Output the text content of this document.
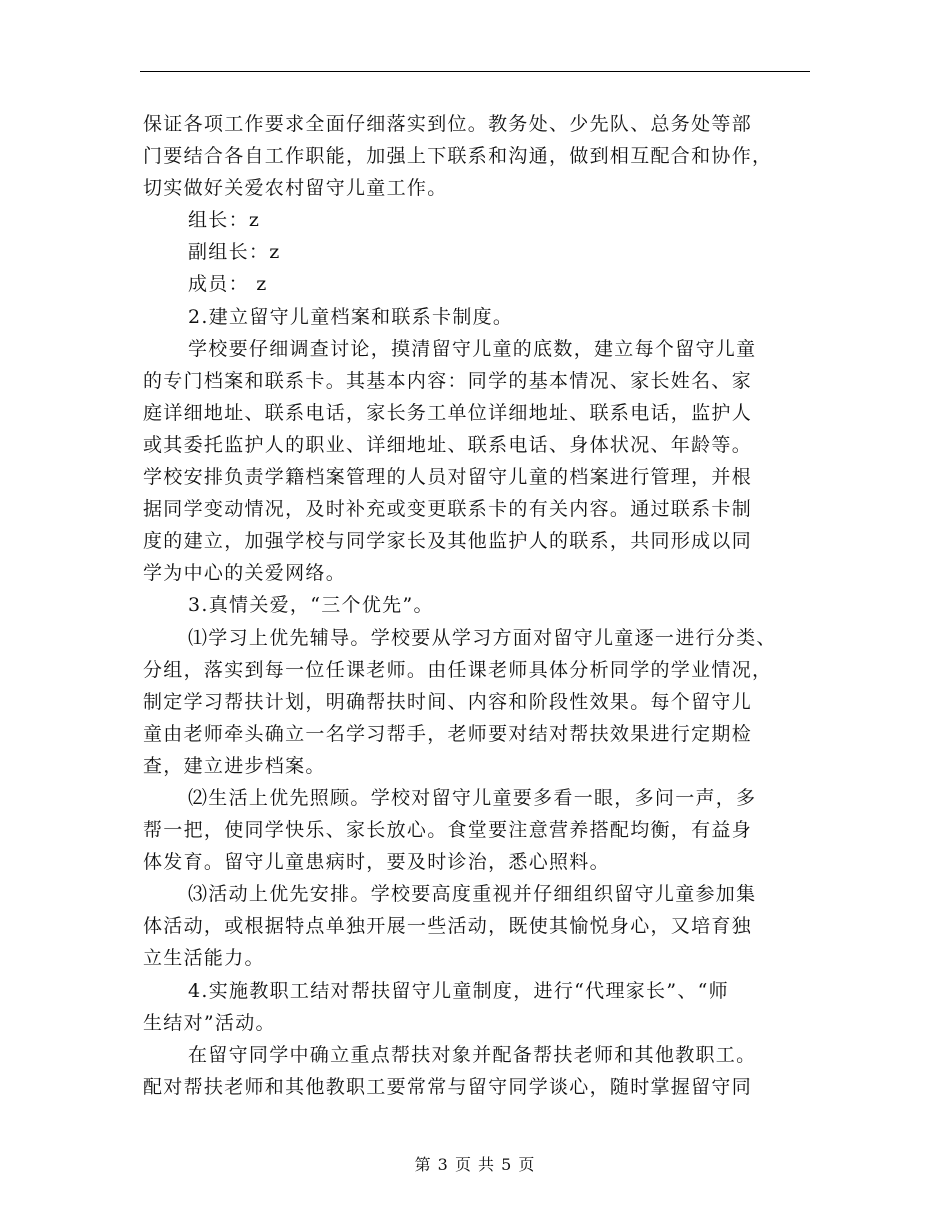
保证各项工作要求全面仔细落实到位。教务处、少先队、总务处等部
门要结合各自工作职能，加强上下联系和沟通，做到相互配合和协作，
切实做好关爱农村留守儿童工作。
组长：z
副组长：z
成员： z
2.建立留守儿童档案和联系卡制度。
学校要仔细调查讨论，摸清留守儿童的底数，建立每个留守儿童
的专门档案和联系卡。其基本内容：同学的基本情况、家长姓名、家
庭详细地址、联系电话，家长务工单位详细地址、联系电话，监护人
或其委托监护人的职业、详细地址、联系电话、身体状况、年龄等。
学校安排负责学籍档案管理的人员对留守儿童的档案进行管理，并根
据同学变动情况，及时补充或变更联系卡的有关内容。通过联系卡制
度的建立，加强学校与同学家长及其他监护人的联系，共同形成以同
学为中心的关爱网络。
3.真情关爱，“三个优先”。
⑴学习上优先辅导。学校要从学习方面对留守儿童逐一进行分类、
分组，落实到每一位任课老师。由任课老师具体分析同学的学业情况，
制定学习帮扶计划，明确帮扶时间、内容和阶段性效果。每个留守儿
童由老师牵头确立一名学习帮手，老师要对结对帮扶效果进行定期检
查，建立进步档案。
⑵生活上优先照顾。学校对留守儿童要多看一眼，多问一声，多
帮一把，使同学快乐、家长放心。食堂要注意营养搭配均衡，有益身
体发育。留守儿童患病时，要及时诊治，悉心照料。
⑶活动上优先安排。学校要高度重视并仔细组织留守儿童参加集
体活动，或根据特点单独开展一些活动，既使其愉悦身心，又培育独
立生活能力。
4.实施教职工结对帮扶留守儿童制度，进行“代理家长”、“师
生结对”活动。
在留守同学中确立重点帮扶对象并配备帮扶老师和其他教职工。
配对帮扶老师和其他教职工要常常与留守同学谈心，随时掌握留守同
第 3 页 共 5 页
